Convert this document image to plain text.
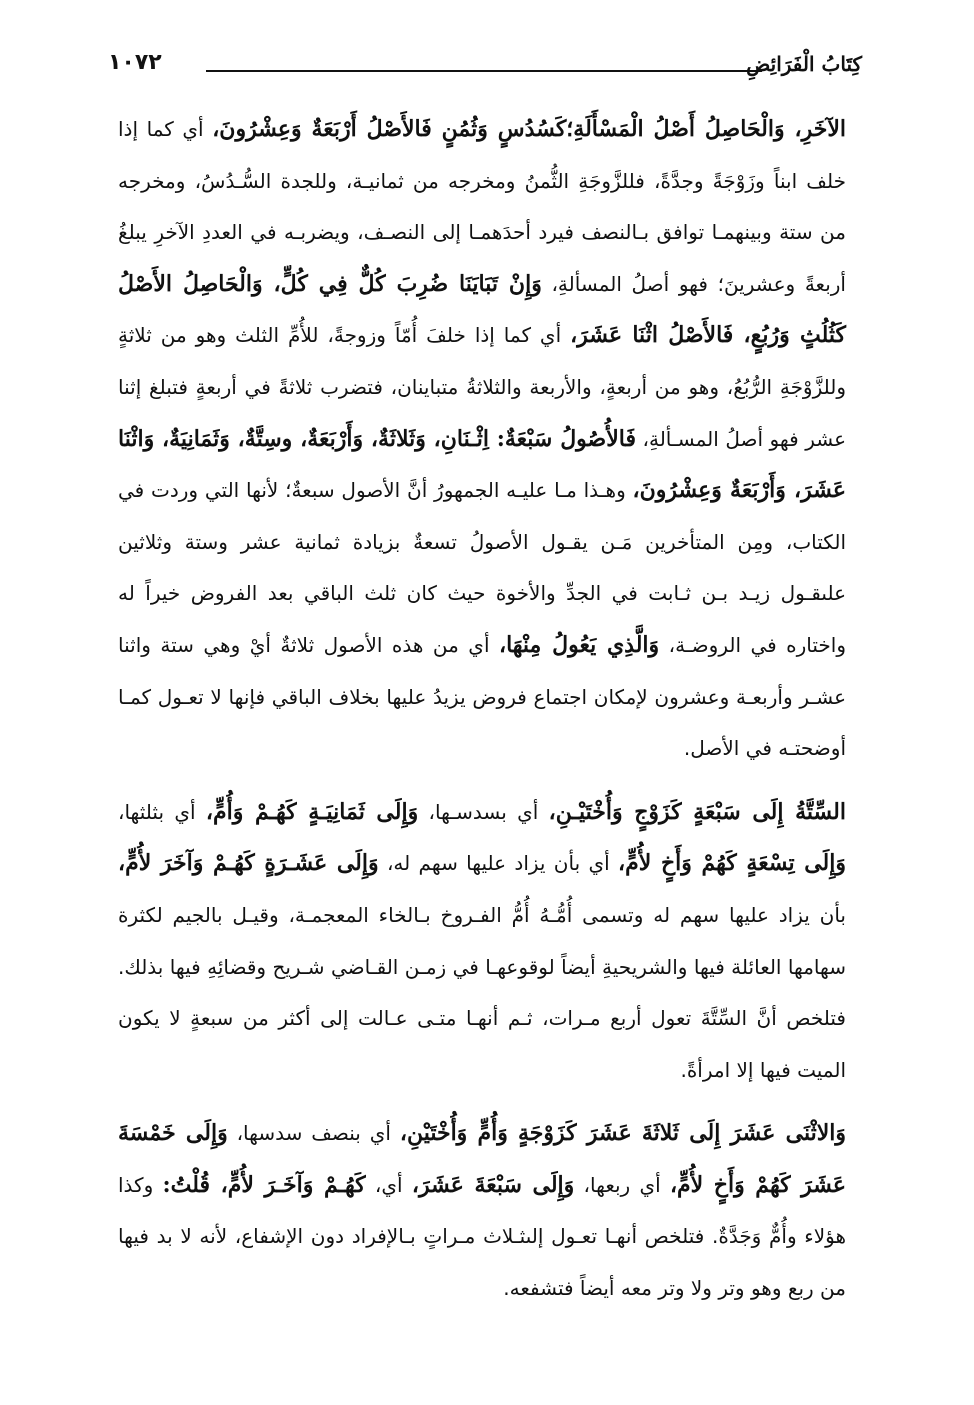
كِتَابُ الْفَرَائِضِ
١٠٧٢

الآخَرِ، وَالْحَاصِلُ أَصْلُ الْمَسْأَلَةِ؛كَسُدُسٍ وَثُمُنٍ فَالأَصْلُ أَرْبَعَةٌ وَعِشْرُونَ، أي كما إذا خلف ابناً وزَوْجَةً وجدَّةً، فللزَّوجَةِ الثُّمنُ ومخرجه من ثمانيـة، وللجدة السُّـدُسُ، ومخرجه من ستة وبينهمـا توافق بـالنصف فيرد أحدَهمـا إلى النصـف، ويضربـه في العددِ الآخرِ يبلغُ أربعةً وعشرينَ؛ فهو أصلُ المسألةِ، وَإِنْ تَبَايَنَا ضُرِبَ كُلٌّ فِي كُلٍّ، وَالْحَاصِلُ الأَصْلُ كَثُلُثٍ وَرُبُعٍ، فَالأَصْلُ اثْنَا عَشَرَ، أي كما إذا خلفَ أُمّاً وزوجةً، للأُمِّ الثلث وهو من ثلاثةٍ وللزَّوْجَةِ الرُّبُعُ، وهو من أربعةٍ، والأربعة والثلاثةُ متباينان، فتضرب ثلاثةً في أربعةٍ فتبلغ إثنا عشر فهو أصلُ المسـألةِ، فَالأُصُولُ سَبْعَةٌ: اِثْـنَانِ، وَثَلاثَةٌ، وَأَرْبَعَةٌ، وسِتَّةٌ، وَثَمَانِيَةٌ، وَاثْنَا عَشَرَ، وَأَرْبَعَةٌ وَعِشْرُونَ، وهـذا مـا عليـه الجمهورُ أنَّ الأصول سبعةٌ؛ لأنها التي وردت في الكتاب، ومِن المتأخرين مَـن يقـول الأصولُ تسعةٌ بزيادة ثمانية عشر وستة وثلاثين علىقـول زيـد بـن ثـابت في الجدِّ والأخوة حيث كان ثلث الباقي بعد الفروض خيراً له واختاره في الروضـة، وَالَّذِي يَعُولُ مِنْهَا، أي من هذه الأصول ثلاثةٌ أيْ وهي ستة واثنا عشـر وأربعـة وعشرون لإمكان اجتماع فروض يزيدُ عليها بخلاف الباقي فإنها لا تعـول كمـا أوضحتـه في الأصل.

السِّتَّةُ إِلَى سَبْعَةٍ كَزَوْجٍ وَأُخْتَيْـنِ، أي بسدسـها، وَإِلَى ثَمَانِيَـةٍ كَهُـمْ وَأُمٍّ، أي بثلثها، وَإِلَى تِسْعَةٍ كَهُمْ وَأَخٍ لأُمٍّ، أي بأن يزاد عليها سهم له، وَإِلَى عَشَـرَةٍ كَهُـمْ وَآخَرَ لأُمٍّ، بأن يزاد عليها سهم له وتسمى أُمُّـهُ أُمُّ الفـروخ بـالخاء المعجمـة، وقيـل بالجيم لكثرة سهامها العائلة فيها والشريحيةِ أيضاً لوقوعهـا في زمـن القـاضي شـريح وقضائِهِ فيها بذلك. فتلخص أنَّ السِّتَّةَ تعول أربع مـرات، ثـم أنهـا متـى عـالت إلى أكثر من سبعةٍ لا يكون الميت فيها إلا امرأةً.

وَالاثْنَى عَشَرَ إِلَى ثَلاثَةَ عَشَرَ كَزَوْجَةٍ وَأُمٍّ وَأُخْتَيْنِ، أي بنصف سدسها، وَإِلَى خَمْسَةَ عَشَرَ كَهُمْ وَأَخٍ لأُمٍّ، أي ربعها، وَإِلَى سَبْعَةَ عَشَرَ، أي، كَهُـمْ وَآخَـرَ لأُمٍّ، قُلْتُ: وكذا هؤلاء وأُمٌّ وَجَدَّةٌ. فتلخص أنهـا تعـول إلىثـلاث مـراتٍ بـالإفراد دون الإشفاع، لأنه لا بد فيها من ربع وهو وتر ولا وتر معه أيضاً فتشفعه.
